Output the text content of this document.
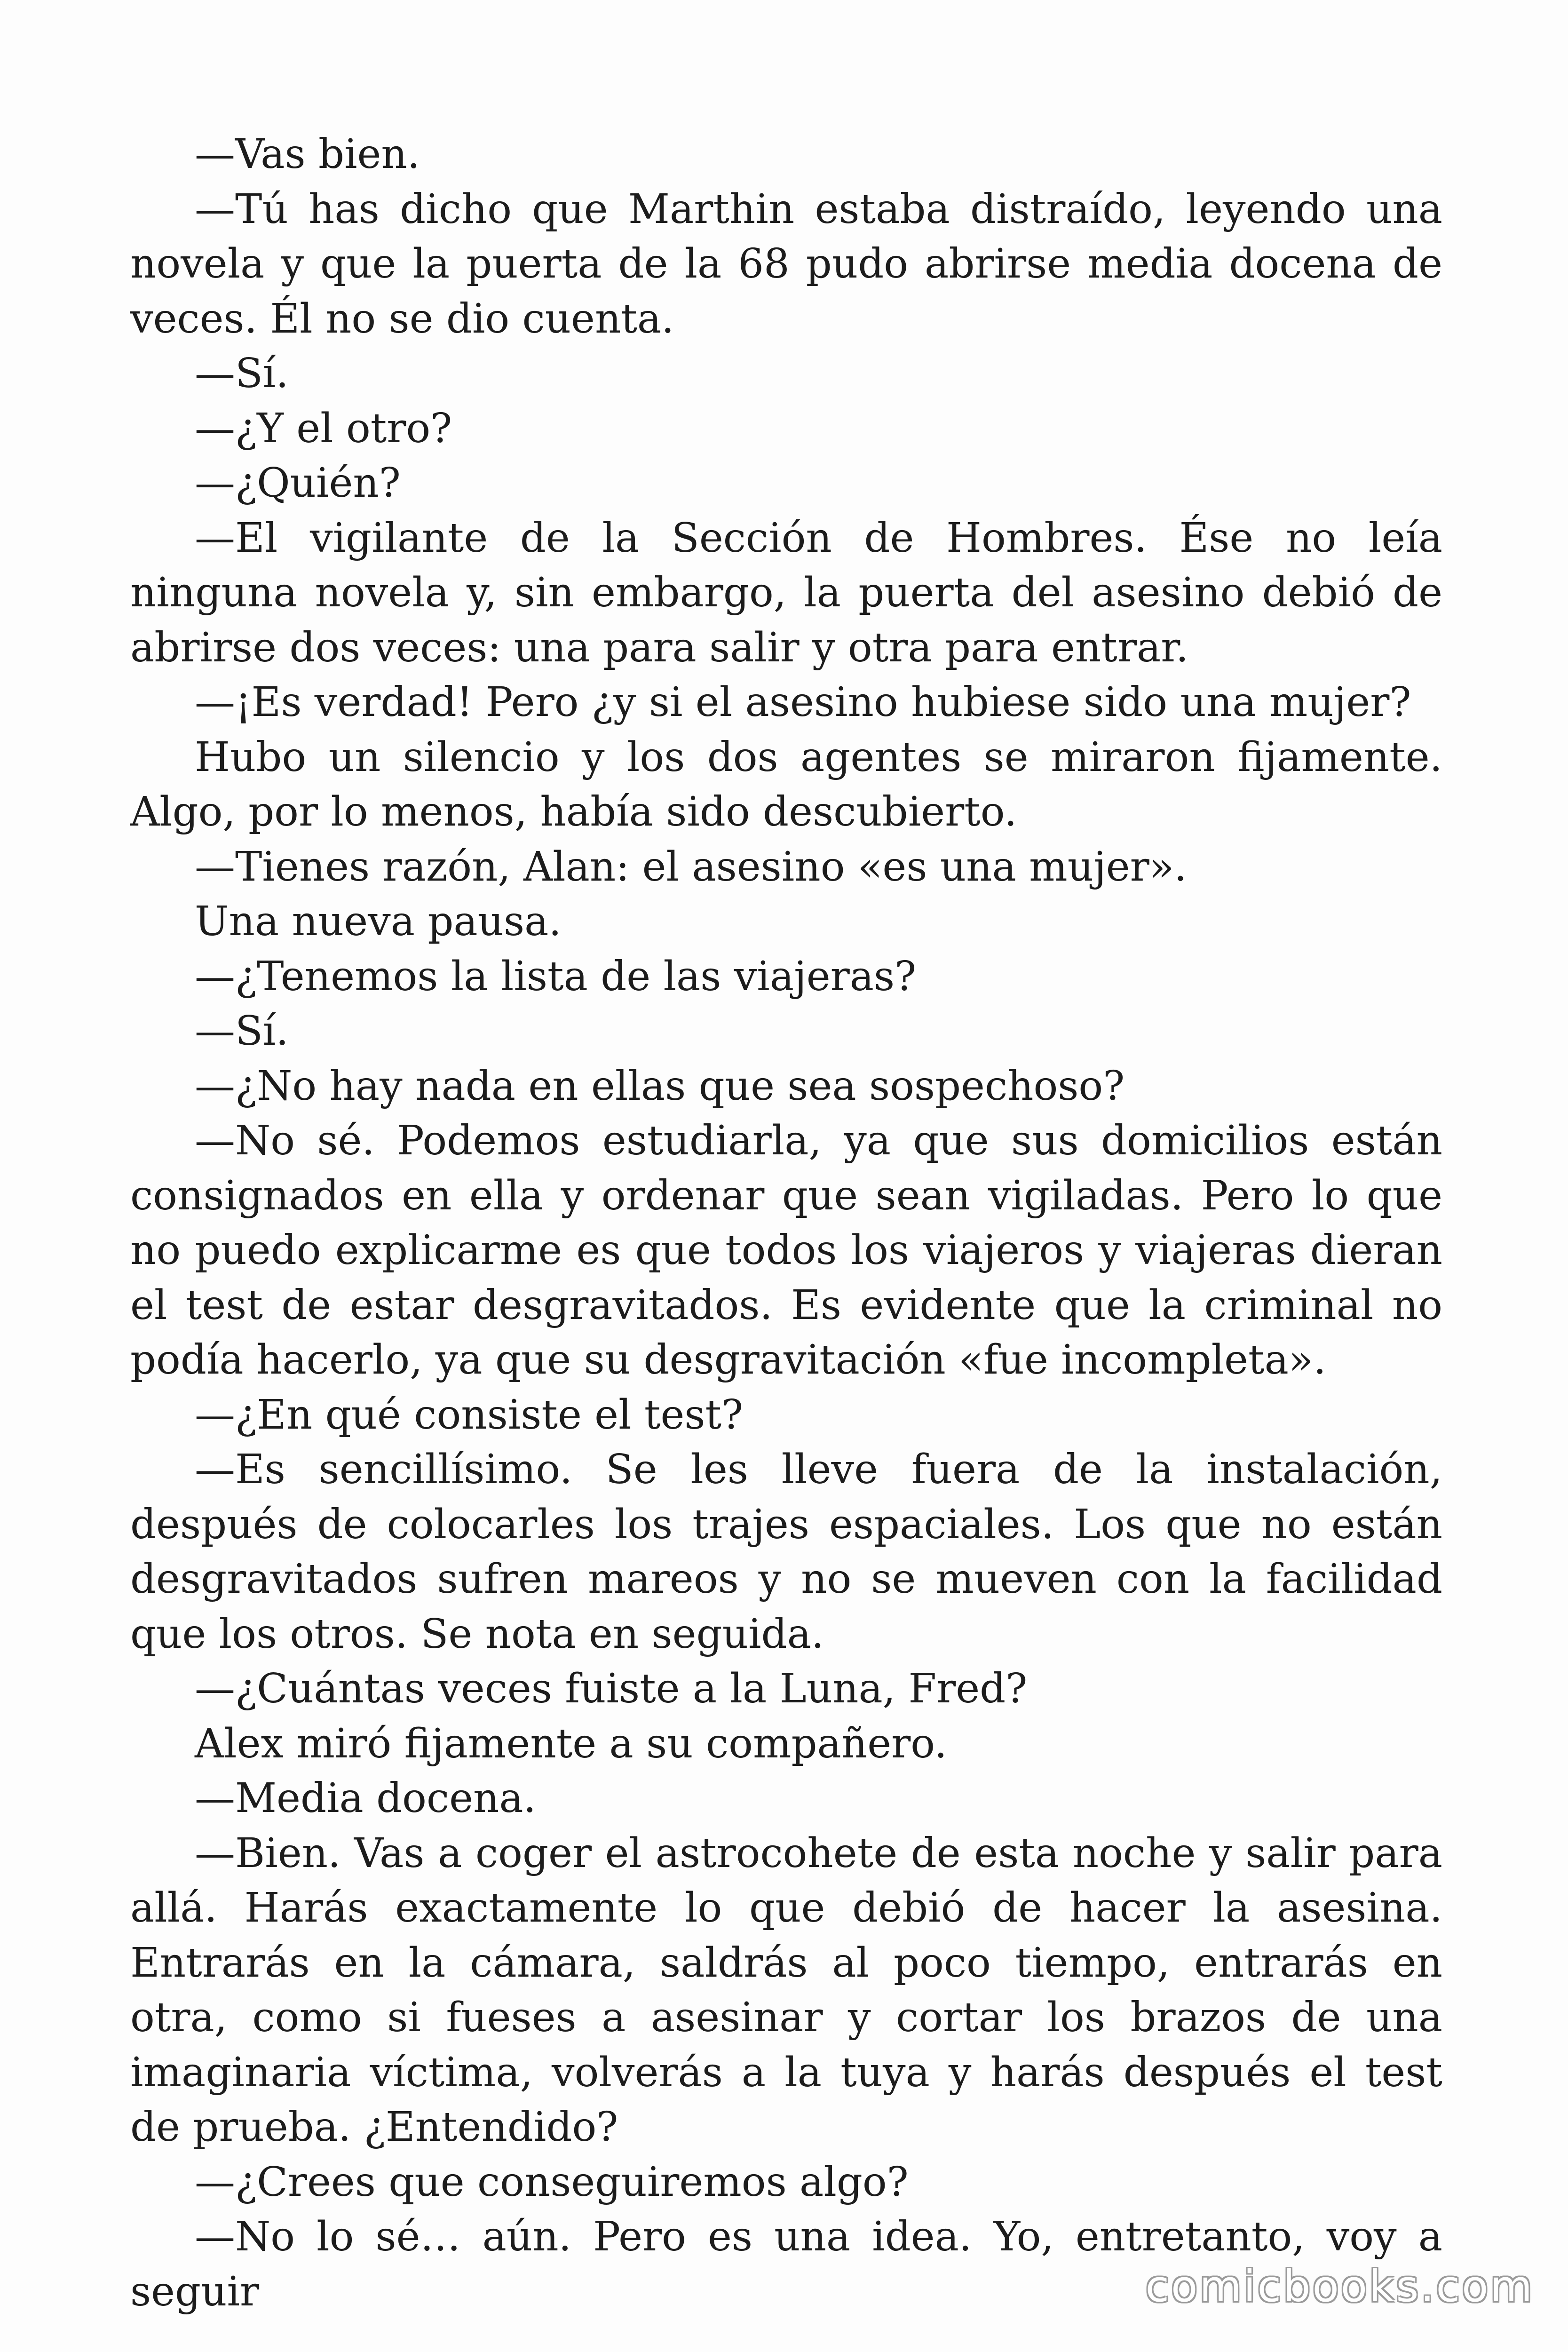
—Vas bien.

—Tú has dicho que Marthin estaba distraído, leyendo una novela y que la puerta de la 68 pudo abrirse media docena de veces. Él no se dio cuenta.

—Sí.

—¿Y el otro?

—¿Quién?

—El vigilante de la Sección de Hombres. Ése no leía ninguna novela y, sin embargo, la puerta del asesino debió de abrirse dos veces: una para salir y otra para entrar.

—¡Es verdad! Pero ¿y si el asesino hubiese sido una mujer?

Hubo un silencio y los dos agentes se miraron fijamente. Algo, por lo menos, había sido descubierto.

—Tienes razón, Alan: el asesino «es una mujer».

Una nueva pausa.

—¿Tenemos la lista de las viajeras?

—Sí.

—¿No hay nada en ellas que sea sospechoso?

—No sé. Podemos estudiarla, ya que sus domicilios están consignados en ella y ordenar que sean vigiladas. Pero lo que no puedo explicarme es que todos los viajeros y viajeras dieran el test de estar desgravitados. Es evidente que la criminal no podía hacerlo, ya que su desgravitación «fue incompleta».

—¿En qué consiste el test?

—Es sencillísimo. Se les lleve fuera de la instalación, después de colocarles los trajes espaciales. Los que no están desgravitados sufren mareos y no se mueven con la facilidad que los otros. Se nota en seguida.

—¿Cuántas veces fuiste a la Luna, Fred?

Alex miró fijamente a su compañero.

—Media docena.

—Bien. Vas a coger el astrocohete de esta noche y salir para allá. Harás exactamente lo que debió de hacer la asesina. Entrarás en la cámara, saldrás al poco tiempo, entrarás en otra, como si fueses a asesinar y cortar los brazos de una imaginaria víctima, volverás a la tuya y harás después el test de prueba. ¿Entendido?

—¿Crees que conseguiremos algo?

—No lo sé… aún. Pero es una idea. Yo, entretanto, voy a seguir	comicbooks.com
